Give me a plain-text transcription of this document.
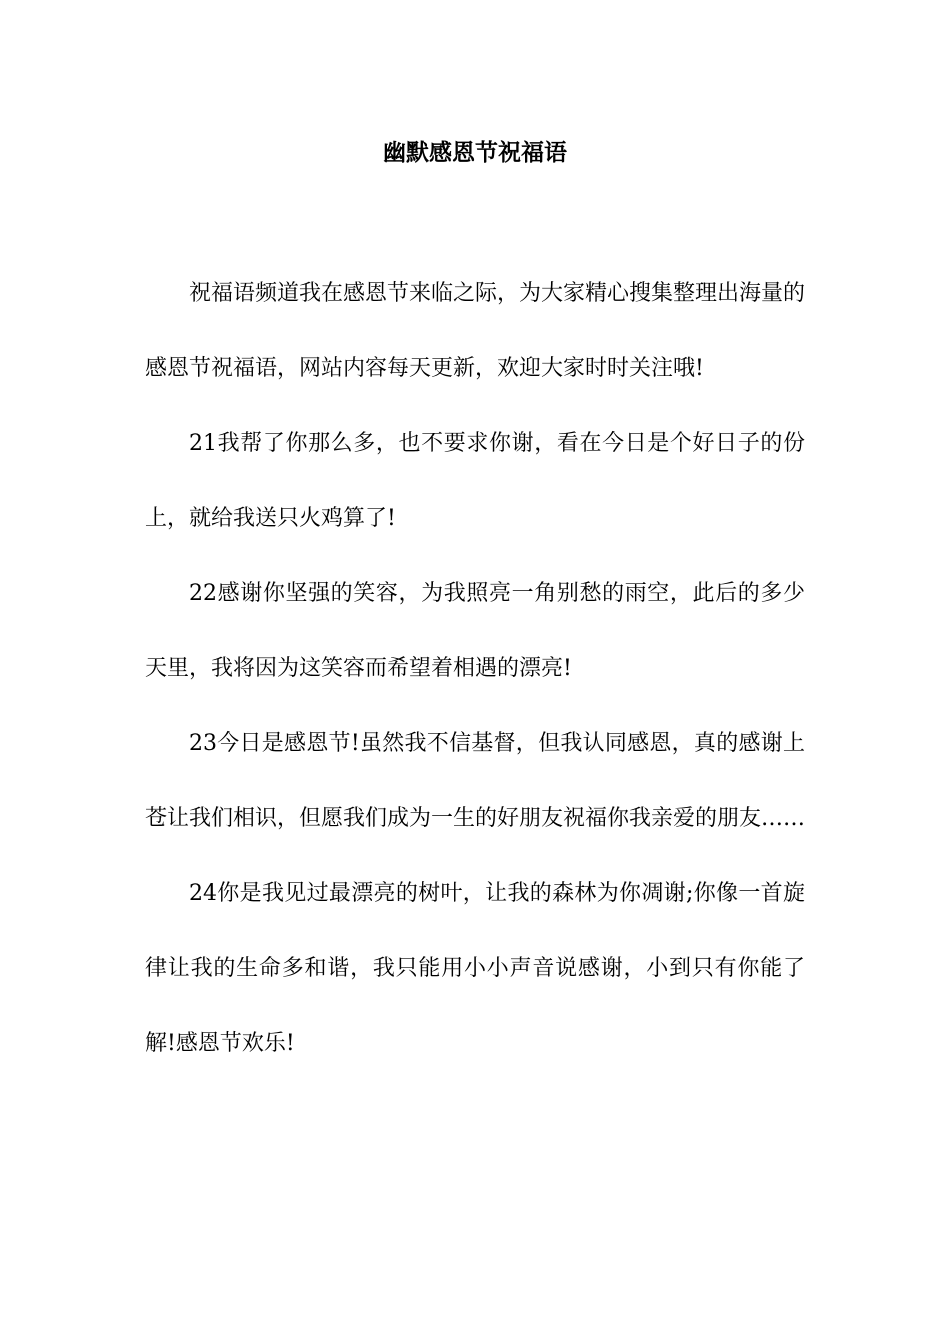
幽默感恩节祝福语

祝福语频道我在感恩节来临之际，为大家精心搜集整理出海量的感恩节祝福语，网站内容每天更新，欢迎大家时时关注哦!

21我帮了你那么多，也不要求你谢，看在今日是个好日子的份上，就给我送只火鸡算了!

22感谢你坚强的笑容，为我照亮一角别愁的雨空，此后的多少天里，我将因为这笑容而希望着相遇的漂亮!

23今日是感恩节!虽然我不信基督，但我认同感恩，真的感谢上苍让我们相识，但愿我们成为一生的好朋友祝福你我亲爱的朋友……

24你是我见过最漂亮的树叶，让我的森林为你凋谢;你像一首旋律让我的生命多和谐，我只能用小小声音说感谢，小到只有你能了解!感恩节欢乐!
